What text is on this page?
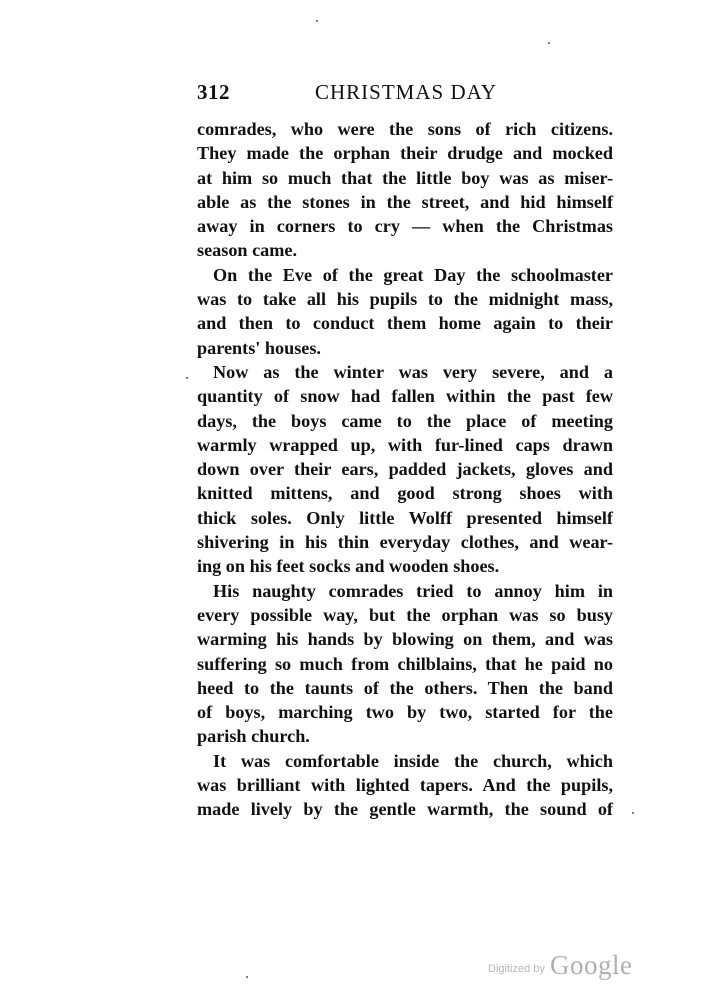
312	CHRISTMAS DAY
comrades, who were the sons of rich citizens.
They made the orphan their drudge and mocked
at him so much that the little boy was as miser-
able as the stones in the street, and hid himself
away in corners to cry — when the Christmas
season came.
On the Eve of the great Day the schoolmaster
was to take all his pupils to the midnight mass,
and then to conduct them home again to their
parents' houses.
Now as the winter was very severe, and a
quantity of snow had fallen within the past few
days, the boys came to the place of meeting
warmly wrapped up, with fur-lined caps drawn
down over their ears, padded jackets, gloves and
knitted mittens, and good strong shoes with
thick soles. Only little Wolff presented himself
shivering in his thin everyday clothes, and wear-
ing on his feet socks and wooden shoes.
His naughty comrades tried to annoy him in
every possible way, but the orphan was so busy
warming his hands by blowing on them, and was
suffering so much from chilblains, that he paid no
heed to the taunts of the others. Then the band
of boys, marching two by two, started for the
parish church.
It was comfortable inside the church, which
was brilliant with lighted tapers. And the pupils,
made lively by the gentle warmth, the sound of
Digitized by Google
